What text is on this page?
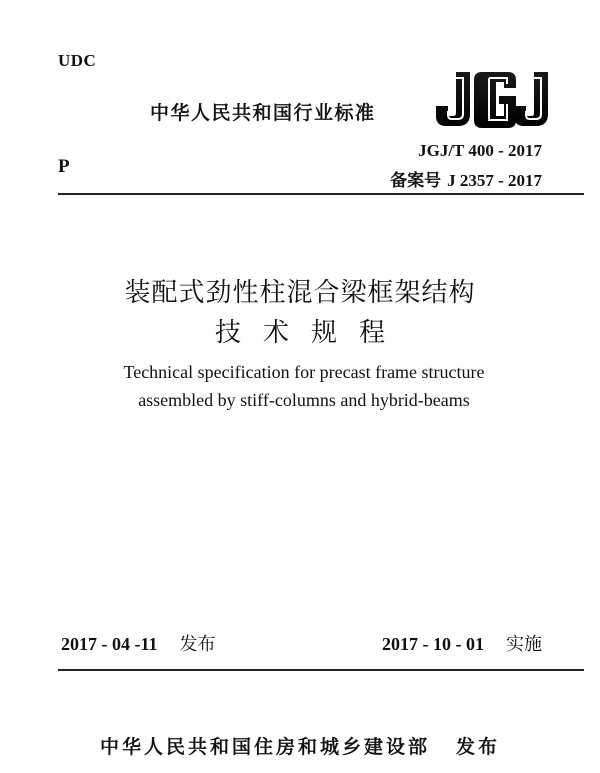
UDC
中华人民共和国行业标准
JGJ/T 400 - 2017
P
备案号 J 2357 - 2017
装配式劲性柱混合梁框架结构
技术规程
Technical specification for precast frame structure
assembled by stiff-columns and hybrid-beams
2017 - 04 -11 发布	2017 - 10 - 01 实施
中华人民共和国住房和城乡建设部 发布
